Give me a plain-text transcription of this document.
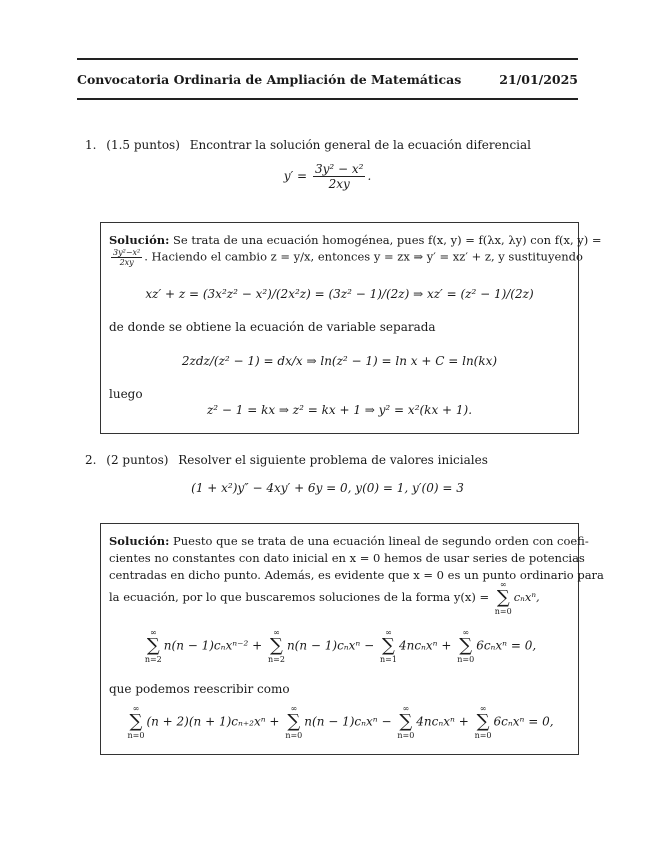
Convocatoria Ordinaria de Ampliación de Matemáticas	21/01/2025
1. (1.5 puntos) Encontrar la solución general de la ecuación diferencial
$y' = \frac{\text{3y² − x²}}{2xy}$ .
Solución: Se trata de una ecuación homogénea, pues f(x, y) = f(λx, λy) con f(x, y) =
$\frac{\text{3y²−x²}}{2xy}$ . Haciendo el cambio z = y/x, entonces y = zx ⇒ y′ = xz′ + z, y sustituyendo
xz′ + z = (3x²z² − x²)/(2x²z) = (3z² − 1)/(2z) ⇒ xz′ = (z² − 1)/(2z)
de donde se obtiene la ecuación de variable separada
2zdz/(z² − 1) = dx/x ⇒ ln(z² − 1) = ln x + C = ln(kx)
luego
z² − 1 = kx ⇒ z² = kx + 1 ⇒ y² = x²(kx + 1).
2. (2 puntos) Resolver el siguiente problema de valores iniciales
(1 + x²)y″ − 4xy′ + 6y = 0, y(0) = 1, y′(0) = 3
Solución: Puesto que se trata de una ecuación lineal de segundo orden con coefi-
cientes no constantes con dato inicial en x = 0 hemos de usar series de potencias
centradas en dicho punto. Además, es evidente que x = 0 es un punto ordinario para
la ecuación, por lo que buscaremos soluciones de la forma y(x) =
∞
∑
n=0
cₙxⁿ,
∞
∑
n=2
n(n − 1)cₙxⁿ⁻² +
∞
∑
n=2
n(n − 1)cₙxⁿ −
∞
∑
n=1
4ncₙxⁿ +
∞
∑
n=0
6cₙxⁿ = 0,
que podemos reescribir como
∞
∑
n=0
(n + 2)(n + 1)cₙ₊₂xⁿ +
∞
∑
n=0
n(n − 1)cₙxⁿ −
∞
∑
n=0
4ncₙxⁿ +
∞
∑
n=0
6cₙxⁿ = 0,
